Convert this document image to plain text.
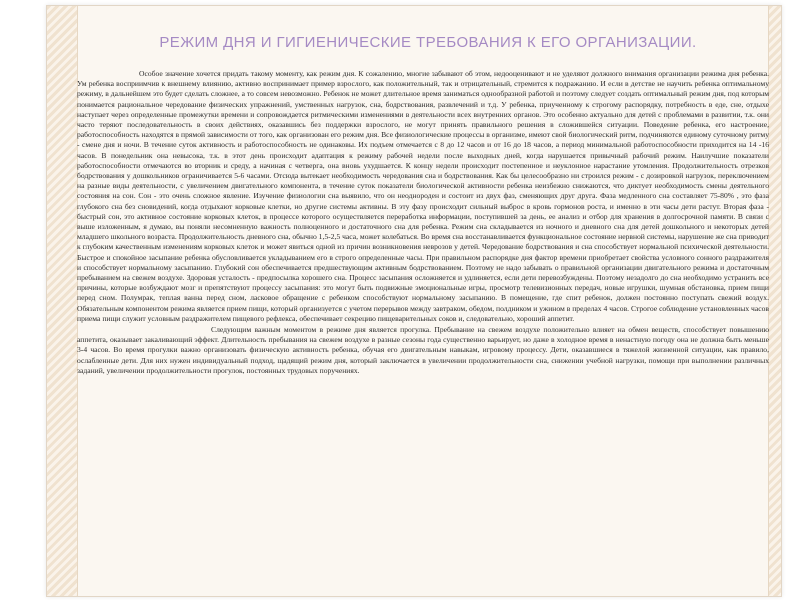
РЕЖИМ ДНЯ И ГИГИЕНИЧЕСКИЕ ТРЕБОВАНИЯ К ЕГО ОРГАНИЗАЦИИ.

Особое значение хочется придать такому моменту, как режим дня. К сожалению, многие забывают об этом, недооценивают и не уделяют должного внимания организации режима дня ребенка. Ум ребенка восприимчив к внешнему влиянию, активно воспринимает пример взрослого, как положительный, так и отрицательный, стремится к подражанию. И если в детстве не научить ребенка оптимальному режиму, в дальнейшем это будет сделать сложнее, а то совсем невозможно. Ребенок не может длительное время заниматься однообразной работой и поэтому следует создать оптимальный режим дня, под которым понимается рациональное чередование физических упражнений, умственных нагрузок, сна, бодрствования, развлечений и т.д. У ребенка, приученному к строгому распорядку, потребность в еде, сне, отдыхе наступает через определенные промежутки времени и сопровождается ритмическими изменениями в деятельности всех внутренних органов. Это особенно актуально для детей с проблемами в развитии, т.к. они часто теряют последовательность в своих действиях, оказавшись без поддержки взрослого, не могут принять правильного решения в сложившейся ситуации. Поведение ребенка, его настроение, работоспособность находятся в прямой зависимости от того, как организован его режим дня. Все физиологические процессы в организме, имеют свой биологический ритм, подчиняются единому суточному ритму - смене дня и ночи. В течение суток активность и работоспособность не одинаковы. Их подъем отмечается с 8 до 12 часов и от 16 до 18 часов, а период минимальной работоспособности приходится на 14 -16 часов. В понедельник она невысока, т.к. в этот день происходит адаптация к режиму рабочей недели после выходных дней, когда нарушается привычный рабочий режим. Наилучшие показатели работоспособности отмечаются во вторник и среду, а начиная с четверга, она вновь ухудшается. К концу недели происходит постепенное и неуклонное нарастание утомления. Продолжительность отрезков бодрствования у дошкольников ограничивается 5-6 часами. Отсюда вытекает необходимость чередования сна и бодрствования. Как бы целесообразно ни строился режим - с дозировкой нагрузок, переключением на разные виды деятельности, с увеличением двигательного компонента, в течение суток показатели биологической активности ребенка неизбежно снижаются, что диктует необходимость смены деятельного состояния на сон. Сон - это очень сложное явление. Изучение физиологии сна выявило, что он неоднороден и состоит из двух фаз, сменяющих друг друга. Фаза медленного сна составляет 75-80% , это фаза глубокого сна без сновидений, когда отдыхают корковые клетки, но другие системы активны. В эту фазу происходит сильный выброс в кровь гормонов роста, и именно в эти часы дети растут. Вторая фаза - быстрый сон, это активное состояние корковых клеток, в процессе которого осуществляется переработка информации, поступившей за день, ее анализ и отбор для хранения в долгосрочной памяти. В связи с выше изложенным, я думаю, вы поняли несомненную важность полноценного и достаточного сна для ребенка. Режим сна складывается из ночного и дневного сна для детей дошкольного и некоторых детей младшего школьного возраста. Продолжительность дневного сна, обычно 1,5-2,5 часа, может колебаться. Во время сна восстанавливается функциональное состояние нервной системы, нарушение же сна приводит к глубоким качественным изменениям корковых клеток и может явиться одной из причин возникновения неврозов у детей. Чередование бодрствования и сна способствует нормальной психической деятельности. Быстрое и спокойное засыпание ребенка обусловливается укладыванием его в строго определенные часы. При правильном распорядке дня фактор времени приобретает свойства условного сонного раздражителя и способствует нормальному засыпанию. Глубокий сон обеспечивается предшествующим активным бодрствованием. Поэтому не надо забывать о правильной организации двигательного режима и достаточным пребыванием на свежем воздухе. Здоровая усталость - предпосылка хорошего сна. Процесс засыпания осложняется и удлиняется, если дети перевозбуждены. Поэтому незадолго до сна необходимо устранить все причины, которые возбуждают мозг и препятствуют процессу засыпания: это могут быть подвижные эмоциональные игры, просмотр телевизионных передач, новые игрушки, шумная обстановка, прием пищи перед сном. Полумрак, теплая ванна перед сном, ласковое обращение с ребенком способствуют нормальному засыпанию. В помещение, где спит ребенок, должен постоянно поступать свежий воздух. Обязательным компонентом режима является прием пищи, который организуется с учетом перерывов между завтраком, обедом, полдником и ужином в пределах 4 часов. Строгое соблюдение установленных часов приема пищи служит условным раздражителем пищевого рефлекса, обеспечивает секрецию пищеварительных соков и, следовательно, хороший аппетит.

Следующим важным моментом в режиме дня является прогулка. Пребывание на свежем воздухе положительно влияет на обмен веществ, способствует повышению аппетита, оказывает закаливающий эффект. Длительность пребывания на свежем воздухе в разные сезоны года существенно варьирует, но даже в холодное время в ненастную погоду она не должна быть меньше 3-4 часов. Во время прогулки важно организовать физическую активность ребенка, обучая его двигательным навыкам, игровому процессу. Дети, оказавшиеся в тяжелой жизненной ситуации, как правило, ослабленные дети. Для них нужен индивидуальный подход, щадящий режим дня, который заключается в увеличении продолжительности сна, снижении учебной нагрузки, помощи при выполнении различных заданий, увеличении продолжительности прогулок, постоянных трудовых поручениях.
